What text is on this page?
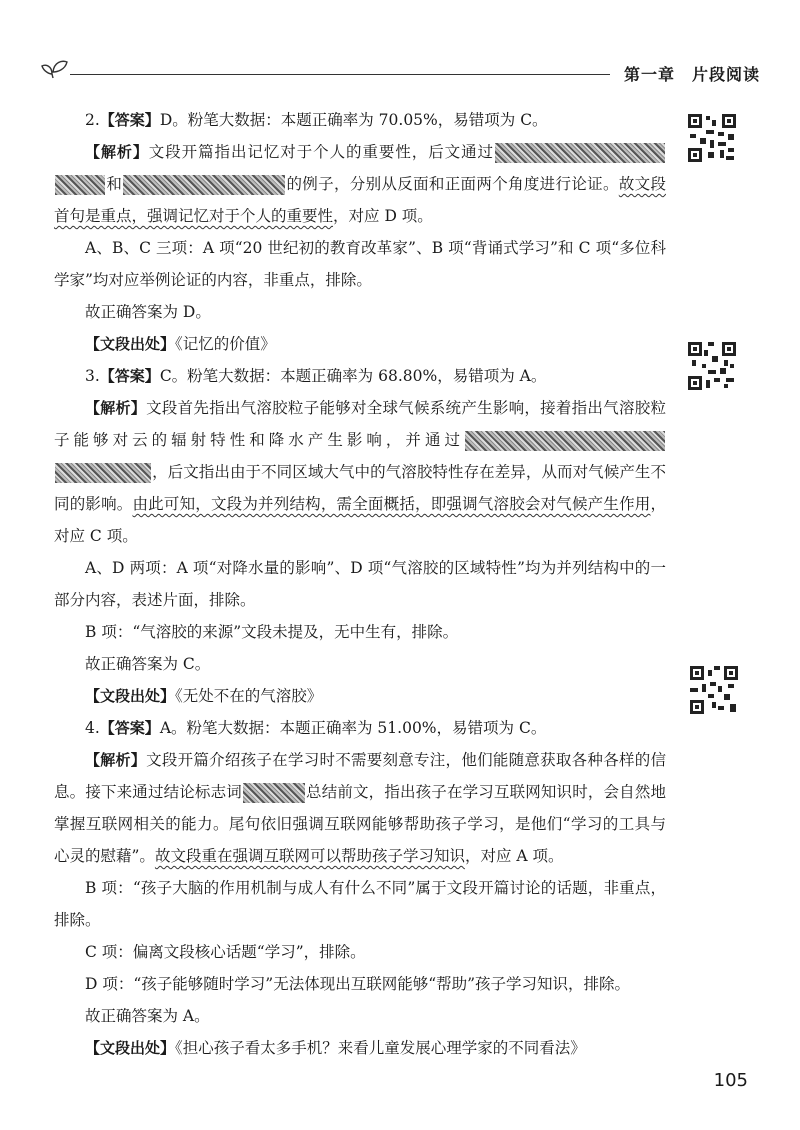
第一章　片段阅读

2.【答案】D。粉笔大数据：本题正确率为 70.05%，易错项为 C。

【解析】文段开篇指出记忆对于个人的重要性，后文通过和	的例子，分别从反面和正面两个角度进行论证。故文段首句是重点，强调记忆对于个人的重要性，对应 D 项。

A、B、C 三项：A 项“20 世纪初的教育改革家”、B 项“背诵式学习”和 C 项“多位科学家”均对应举例论证的内容，非重点，排除。

故正确答案为 D。

【文段出处】《记忆的价值》

3.【答案】C。粉笔大数据：本题正确率为 68.80%，易错项为 A。

【解析】文段首先指出气溶胶粒子能够对全球气候系统产生影响，接着指出气溶胶粒子能够对云的辐射特性和降水产生影响，并通过，后文指出由于不同区域大气中的气溶胶特性存在差异，从而对气候产生不同的影响。由此可知，文段为并列结构，需全面概括，即强调气溶胶会对气候产生作用，对应 C 项。

A、D 两项：A 项“对降水量的影响”、D 项“气溶胶的区域特性”均为并列结构中的一部分内容，表述片面，排除。

B 项：“气溶胶的来源”文段未提及，无中生有，排除。

故正确答案为 C。

【文段出处】《无处不在的气溶胶》

4.【答案】A。粉笔大数据：本题正确率为 51.00%，易错项为 C。

【解析】文段开篇介绍孩子在学习时不需要刻意专注，他们能随意获取各种各样的信息。接下来通过结论标志词	总结前文，指出孩子在学习互联网知识时，会自然地掌握互联网相关的能力。尾句依旧强调互联网能够帮助孩子学习，是他们“学习的工具与心灵的慰藉”。故文段重在强调互联网可以帮助孩子学习知识，对应 A 项。

B 项：“孩子大脑的作用机制与成人有什么不同”属于文段开篇讨论的话题，非重点，排除。

C 项：偏离文段核心话题“学习”，排除。

D 项：“孩子能够随时学习”无法体现出互联网能够“帮助”孩子学习知识，排除。

故正确答案为 A。

【文段出处】《担心孩子看太多手机？来看儿童发展心理学家的不同看法》

105
